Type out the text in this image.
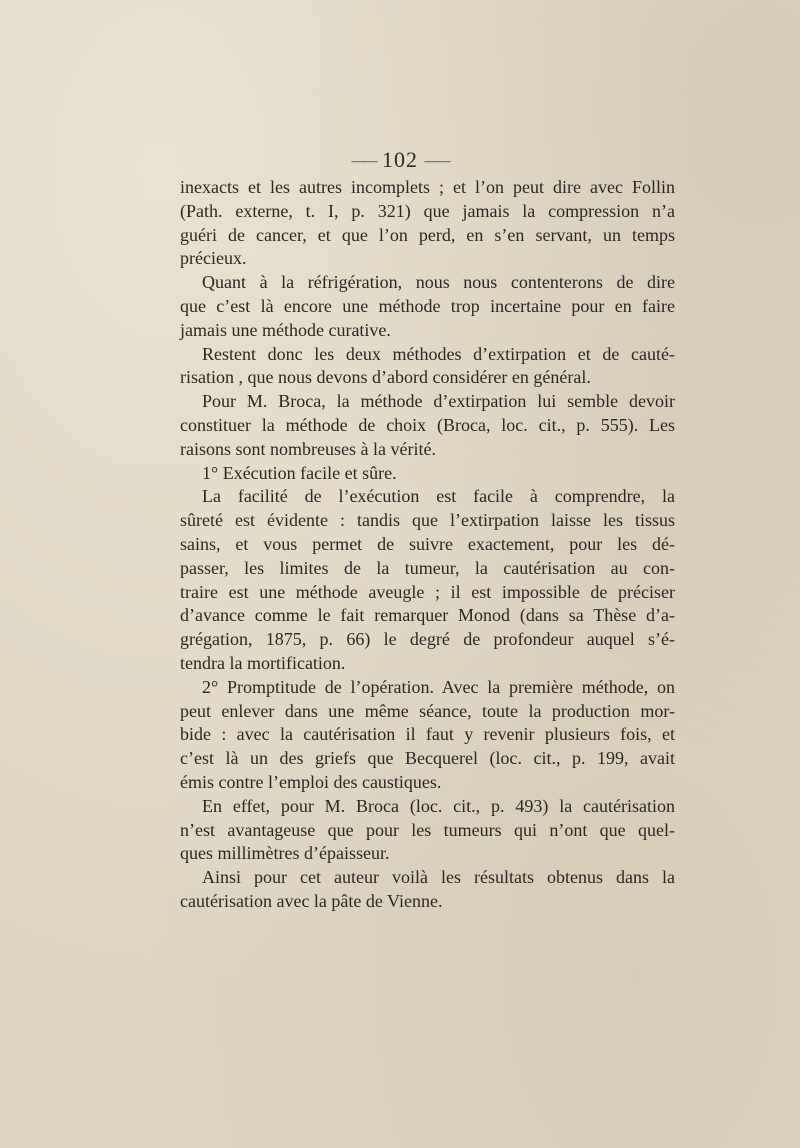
—— 102 ——

inexacts et les autres incomplets ; et l’on peut dire avec Follin
(Path. externe, t. I, p. 321) que jamais la compression n’a
guéri de cancer, et que l’on perd, en s’en servant, un temps
précieux.

Quant à la réfrigération, nous nous contenterons de dire
que c’est là encore une méthode trop incertaine pour en faire
jamais une méthode curative.

Restent donc les deux méthodes d’extirpation et de cauté-
risation , que nous devons d’abord considérer en général.

Pour M. Broca, la méthode d’extirpation lui semble devoir
constituer la méthode de choix (Broca, loc. cit., p. 555). Les
raisons sont nombreuses à la vérité.

1° Exécution facile et sûre.

La facilité de l’exécution est facile à comprendre, la
sûreté est évidente : tandis que l’extirpation laisse les tissus
sains, et vous permet de suivre exactement, pour les dé-
passer, les limites de la tumeur, la cautérisation au con-
traire est une méthode aveugle ; il est impossible de préciser
d’avance comme le fait remarquer Monod (dans sa Thèse d’a-
grégation, 1875, p. 66) le degré de profondeur auquel s’é-
tendra la mortification.

2° Promptitude de l’opération. Avec la première méthode, on
peut enlever dans une même séance, toute la production mor-
bide : avec la cautérisation il faut y revenir plusieurs fois, et
c’est là un des griefs que Becquerel (loc. cit., p. 199, avait
émis contre l’emploi des caustiques.

En effet, pour M. Broca (loc. cit., p. 493) la cautérisation
n’est avantageuse que pour les tumeurs qui n’ont que quel-
ques millimètres d’épaisseur.

Ainsi pour cet auteur voilà les résultats obtenus dans la
cautérisation avec la pâte de Vienne.
